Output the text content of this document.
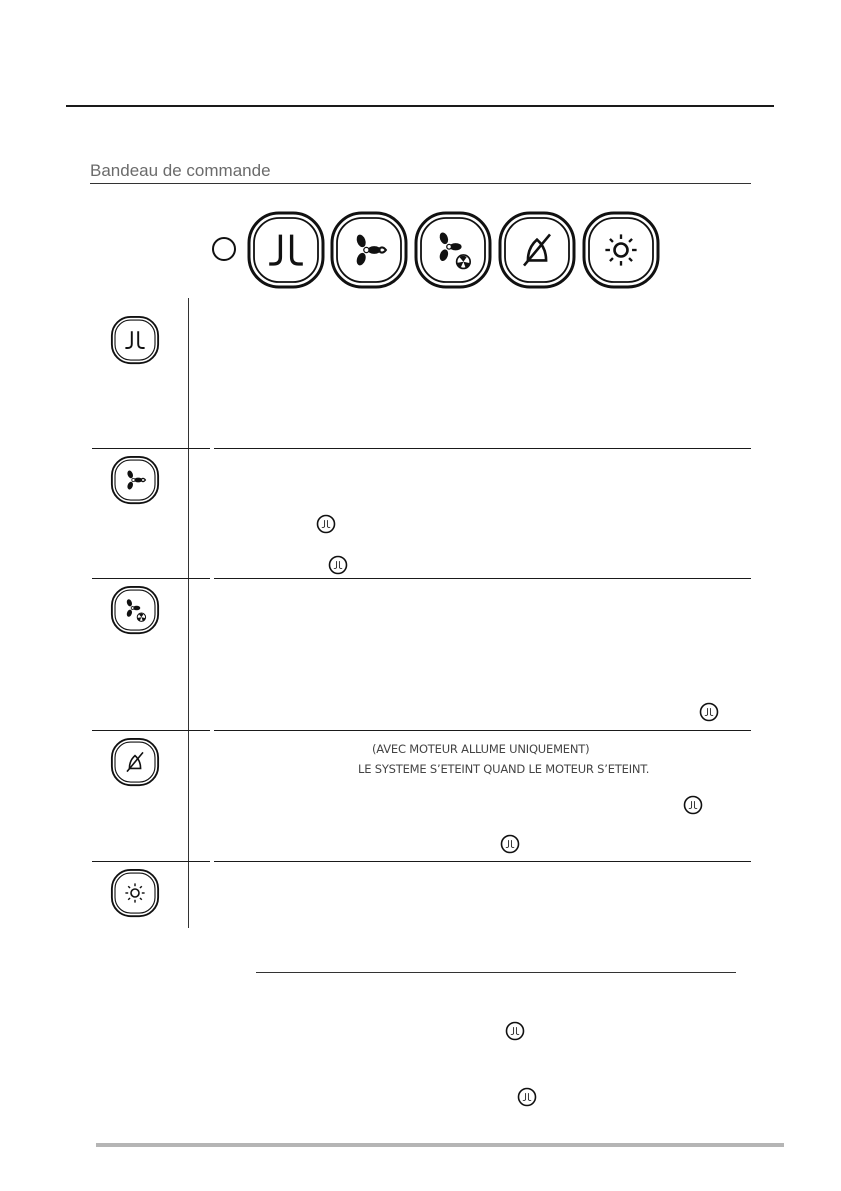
Bandeau de commande
(AVEC MOTEUR ALLUME UNIQUEMENT)
LE SYSTEME S’ETEINT QUAND LE MOTEUR S’ETEINT.
